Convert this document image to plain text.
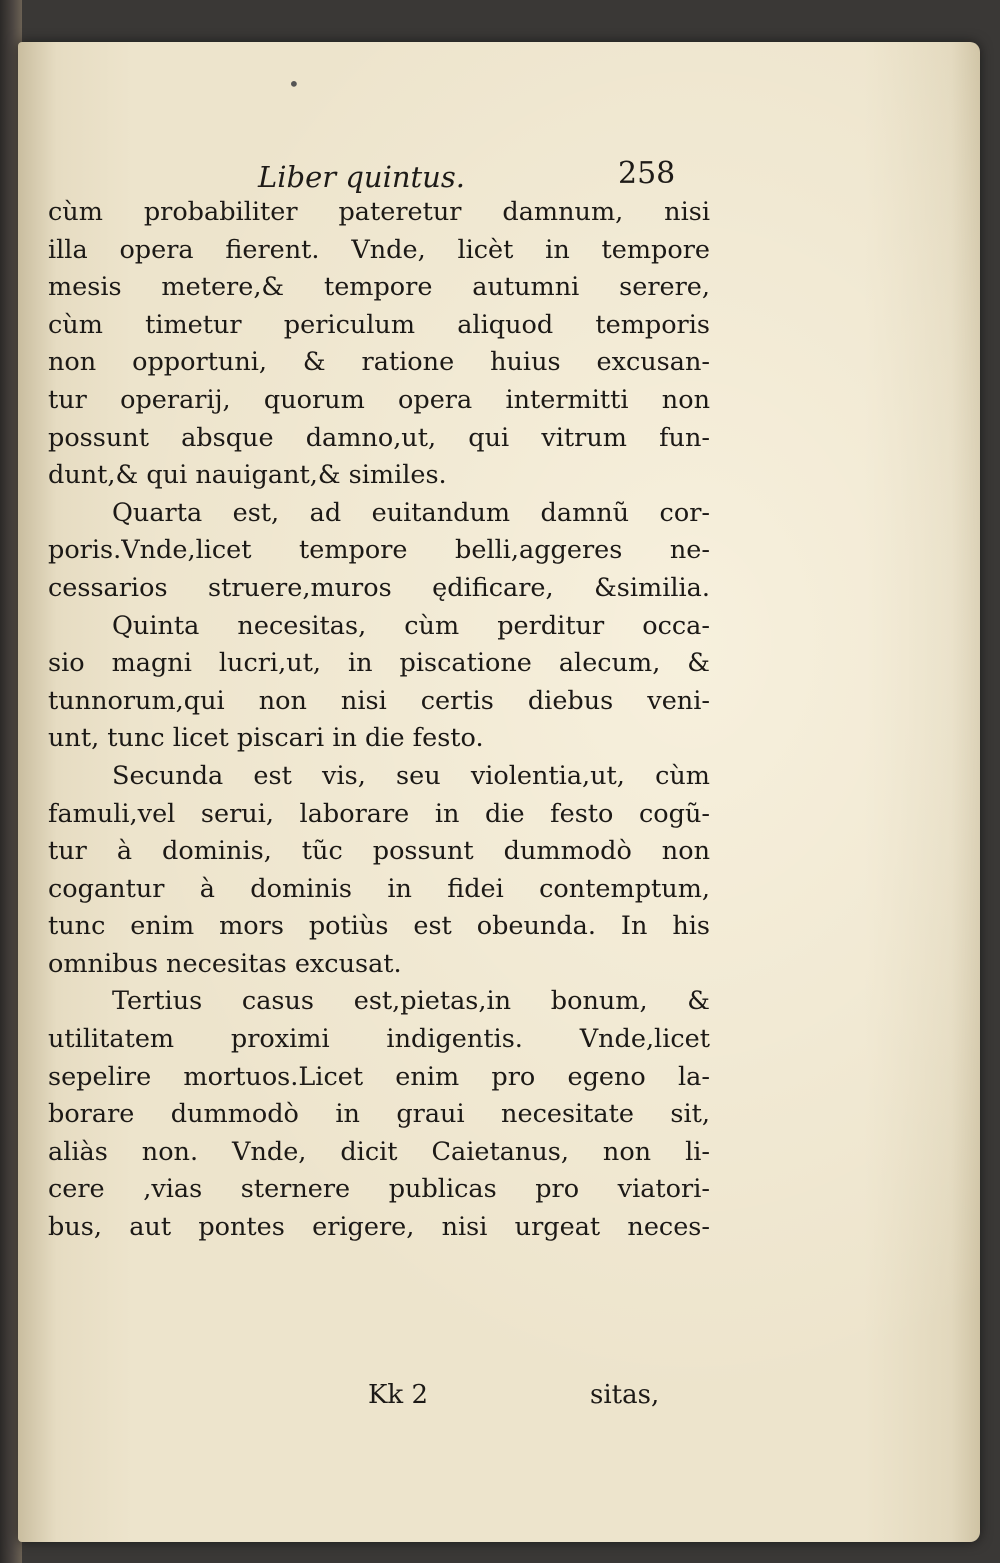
•
Liber quintus.	258
cùm probabiliter pateretur damnum, nisi
illa opera fierent. Vnde, licèt in tempore
mesis metere,& tempore autumni serere,
cùm timetur periculum aliquod temporis
non opportuni, & ratione huius excusan-
tur operarij, quorum opera intermitti non
possunt absque damno,ut, qui vitrum fun-
dunt,& qui nauigant,& similes.
Quarta est, ad euitandum damnũ cor-
poris.Vnde,licet tempore belli,aggeres ne-
cessarios struere,muros ędificare, &similia.
Quinta necesitas, cùm perditur occa-
sio magni lucri,ut, in piscatione alecum, &
tunnorum,qui non nisi certis diebus veni-
unt, tunc licet piscari in die festo.
Secunda est vis, seu violentia,ut, cùm
famuli,vel serui, laborare in die festo cogũ-
tur à dominis, tũc possunt dummodò non
cogantur à dominis in fidei contemptum,
tunc enim mors potiùs est obeunda. In his
omnibus necesitas excusat.
Tertius casus est,pietas,in bonum, &
utilitatem proximi indigentis. Vnde,licet
sepelire mortuos.Licet enim pro egeno la-
borare dummodò in graui necesitate sit,
aliàs non. Vnde, dicit Caietanus, non li-
cere ,vias sternere publicas pro viatori-
bus, aut pontes erigere, nisi urgeat neces-
Kk 2	sitas,
